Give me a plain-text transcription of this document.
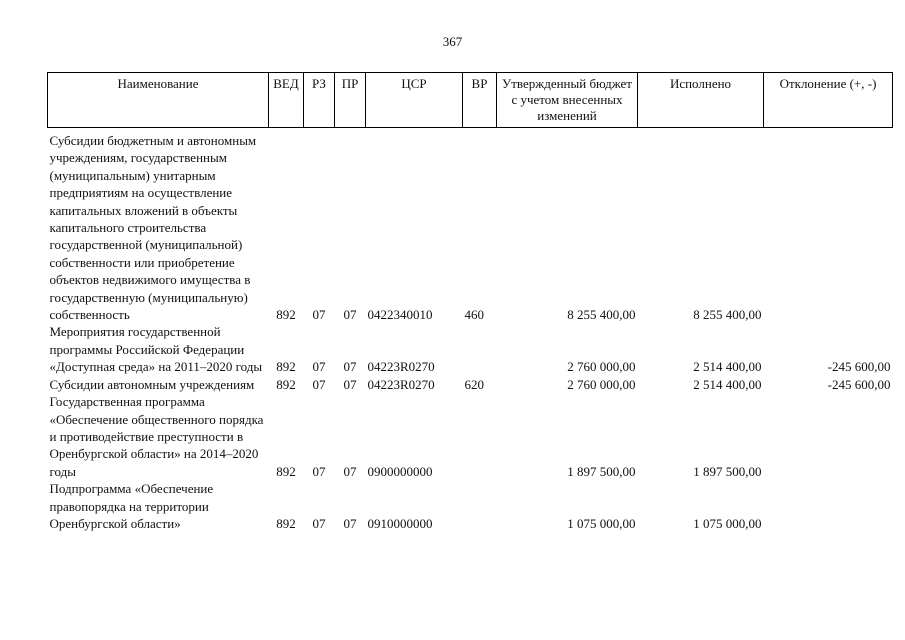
367
Наименование	ВЕД	РЗ	ПР	ЦСР	ВР	Утвержденный бюджет с учетом внесенных изменений	Исполнено	Отклонение (+, -)

Субсидии бюджетным и автономным учреждениям, государственным (муниципальным) унитарным предприятиям на осуществление капитальных вложений в объекты капитального строительства государственной (муниципальной) собственности или приобретение объектов недвижимого имущества в государственную (муниципальную) собственность	892	07	07	0422340010	460	8 255 400,00	8 255 400,00	
Мероприятия государственной программы Российской Федерации «Доступная среда» на 2011–2020 годы	892	07	07	04223R0270		2 760 000,00	2 514 400,00	-245 600,00
Субсидии автономным учреждениям	892	07	07	04223R0270	620	2 760 000,00	2 514 400,00	-245 600,00
Государственная программа «Обеспечение общественного порядка и противодействие преступности в Оренбургской области» на 2014–2020 годы	892	07	07	0900000000		1 897 500,00	1 897 500,00	
Подпрограмма «Обеспечение правопорядка на территории Оренбургской области»	892	07	07	0910000000		1 075 000,00	1 075 000,00	
